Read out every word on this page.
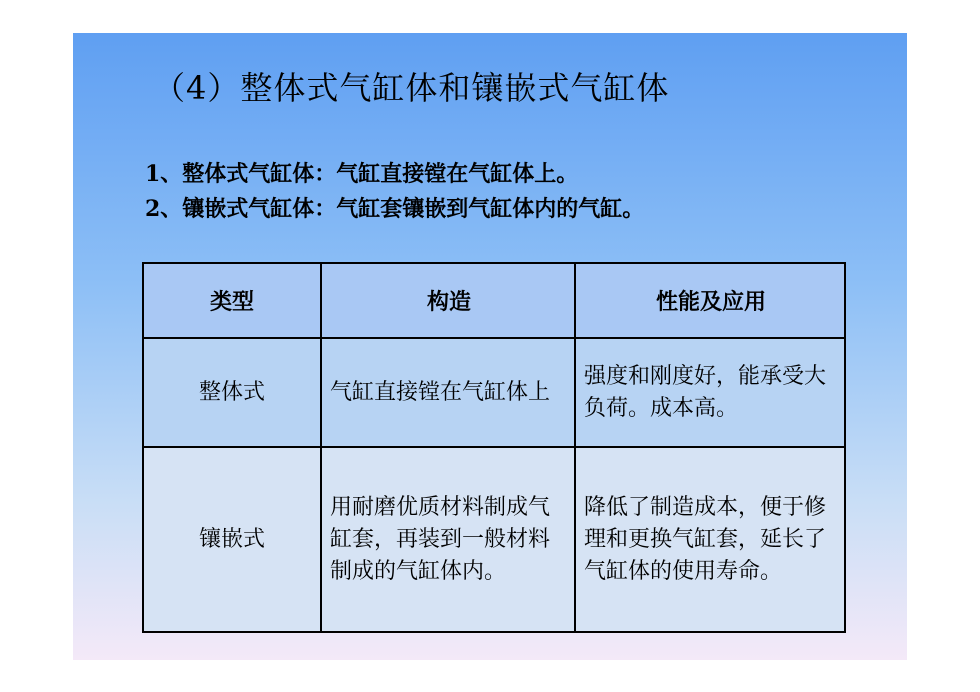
（4）整体式气缸体和镶嵌式气缸体
1、整体式气缸体：气缸直接镗在气缸体上。
2、镶嵌式气缸体：气缸套镶嵌到气缸体内的气缸。
类型	构造	性能及应用
整体式	气缸直接镗在气缸体上	强度和刚度好，能承受大负荷。成本高。
镶嵌式	用耐磨优质材料制成气缸套，再装到一般材料制成的气缸体内。	降低了制造成本，便于修理和更换气缸套，延长了气缸体的使用寿命。
